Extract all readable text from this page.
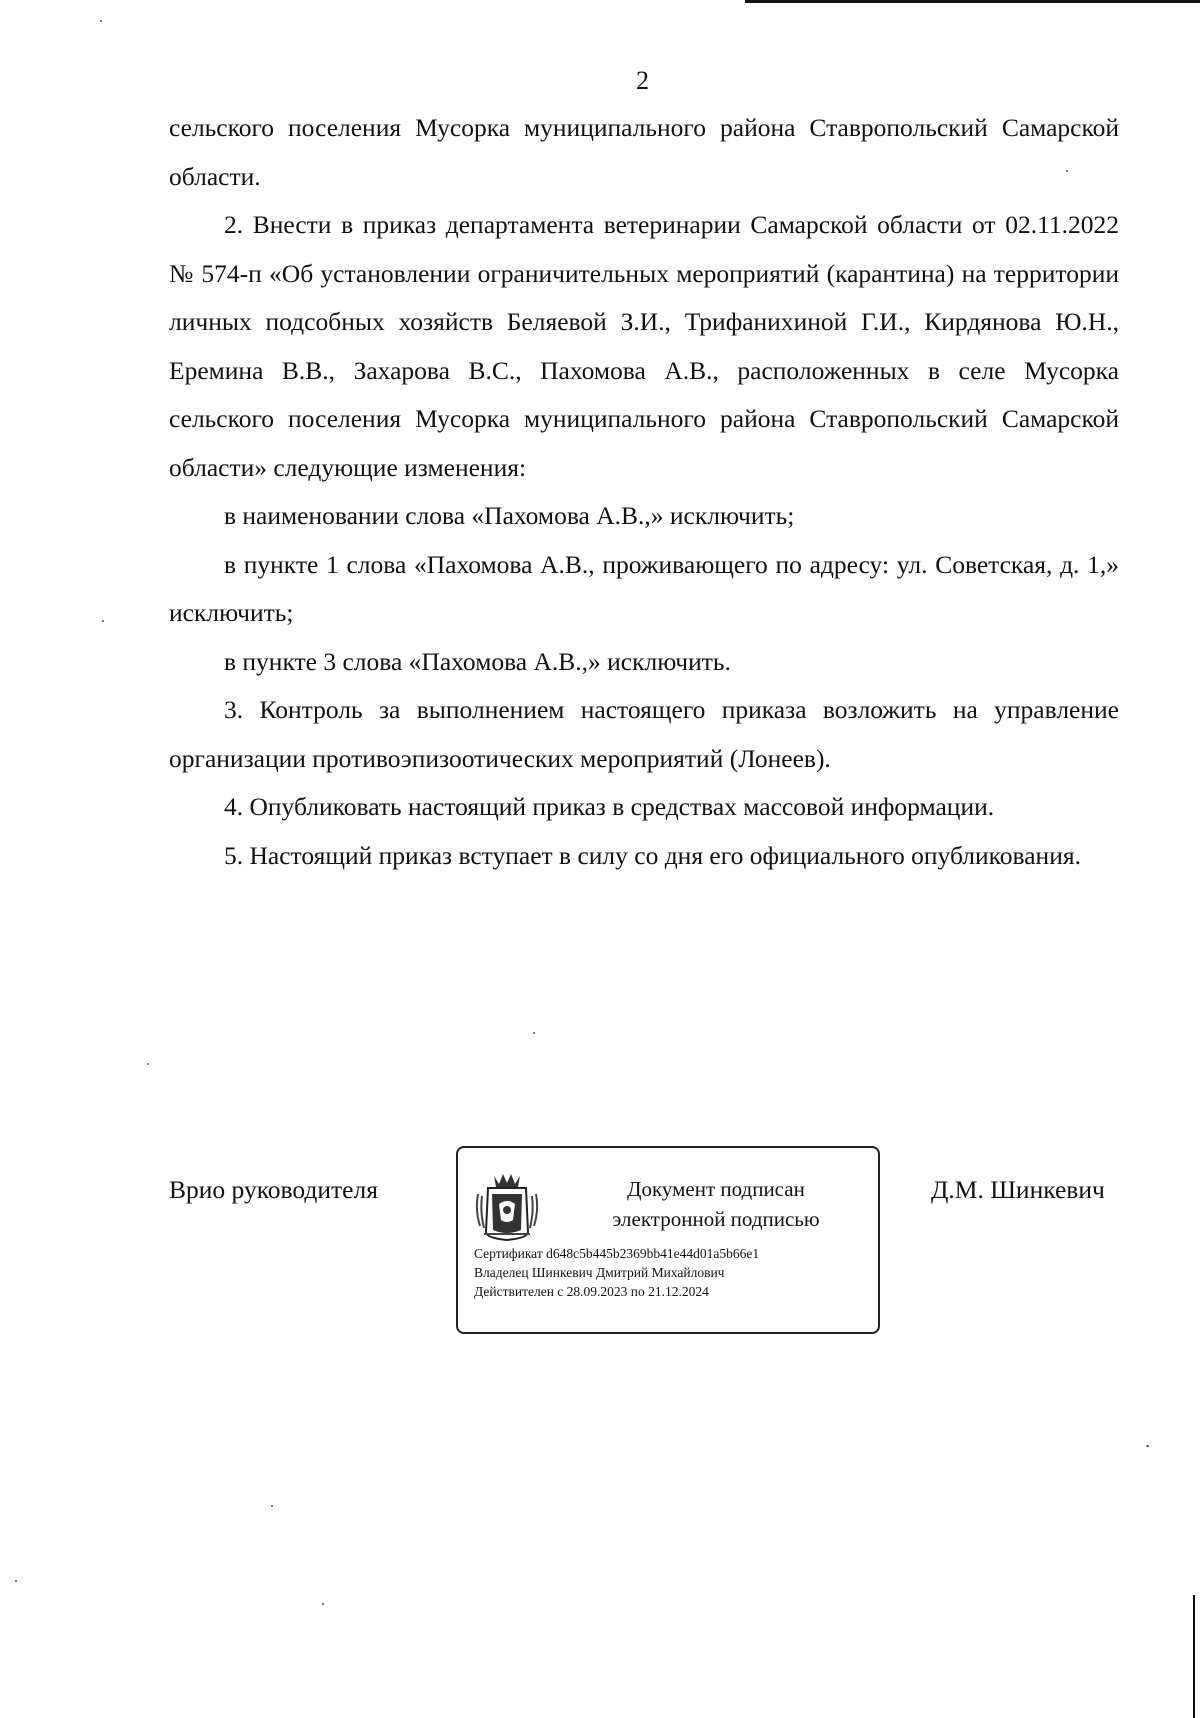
2

сельского поселения Мусорка муниципального района Ставропольский Самарской области.

2. Внести в приказ департамента ветеринарии Самарской области от 02.11.2022 № 574-п «Об установлении ограничительных мероприятий (карантина) на территории личных подсобных хозяйств Беляевой З.И., Трифанихиной Г.И., Кирдянова Ю.Н., Еремина В.В., Захарова В.С., Пахомова А.В., расположенных в селе Мусорка сельского поселения Мусорка муниципального района Ставропольский Самарской области» следующие изменения:

в наименовании слова «Пахомова А.В.,» исключить;

в пункте 1 слова «Пахомова А.В., проживающего по адресу: ул. Советская, д. 1,» исключить;

в пункте 3 слова «Пахомова А.В.,» исключить.

3. Контроль за выполнением настоящего приказа возложить на управление организации противоэпизоотических мероприятий (Лонеев).

4. Опубликовать настоящий приказ в средствах массовой информации.

5. Настоящий приказ вступает в силу со дня его официального опубликования.

Врио руководителя	Документ подписан
электронной подписью
Сертификат d648c5b445b2369bb41e44d01a5b66e1
Владелец Шинкевич Дмитрий Михайлович
Действителен с 28.09.2023 по 21.12.2024
Д.М. Шинкевич
